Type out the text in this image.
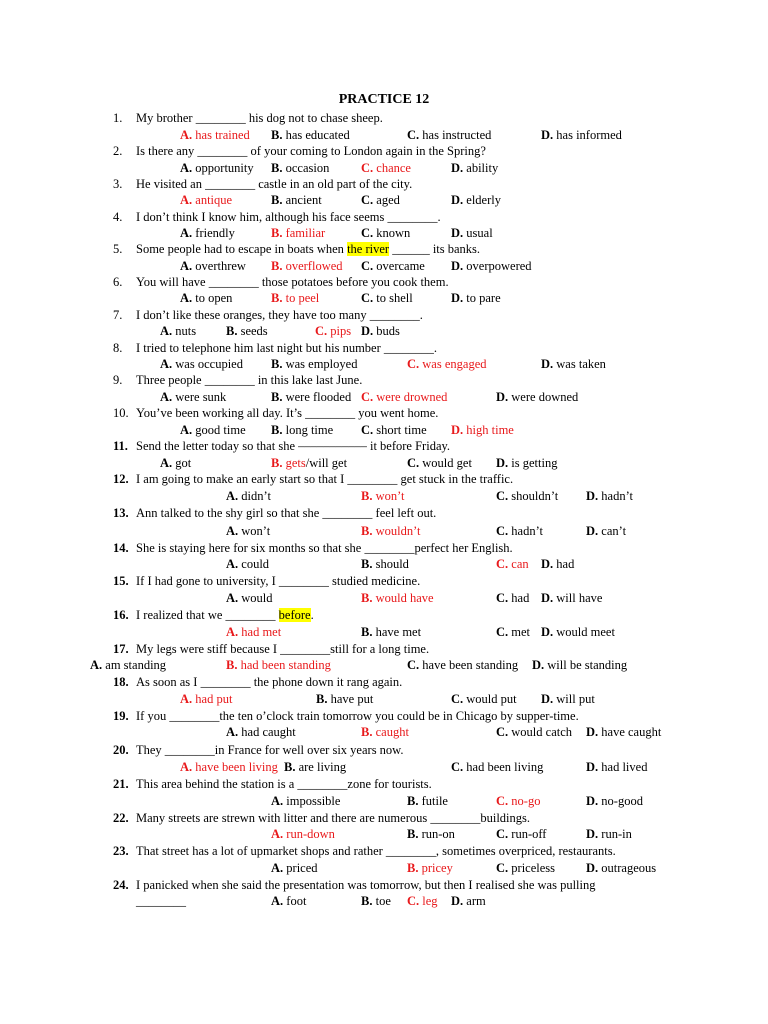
PRACTICE 12
1. My brother ________ his dog not to chase sheep.
A. has trained B. has educated	C. has instructed	D. has informed
2. Is there any ________ of your coming to London again in the Spring?
A. opportunity B. occasion	C. chance	D. ability
3. He visited an ________ castle in an old part of the city.
A. antique	B. ancient	C. aged	D. elderly
4. I don’t think I know him, although his face seems ________.
A. friendly	B. familiar	C. known	D. usual
5. Some people had to escape in boats when the river ______ its banks.
A. overthrew B. overflowed C. overcame D. overpowered
6. You will have ________ those potatoes before you cook them.
A. to open	B. to peel	C. to shell	D. to pare
7. I don’t like these oranges, they have too many ________.
A. nuts B. seeds	C. pips D. buds
8. I tried to telephone him last night but his number ________.
A. was occupied B. was employed	C. was engaged	D. was taken
9. Three people ________ in this lake last June.
A. were sunk	B. were flooded C. were drowned	D. were downed
10. You’ve been working all day. It’s ________ you went home.
A. good time B. long time C. short time D. high time
11. Send the letter today so that she ––––––––––– it before Friday.
A. got	B. gets/will get	C. would get D. is getting
12. I am going to make an early start so that I ________ get stuck in the traffic.
A. didn’t	B. won’t	C. shouldn’t D. hadn’t
13. Ann talked to the shy girl so that she ________ feel left out.
A. won’t	B. wouldn’t	C. hadn’t	D. can’t
14. She is staying here for six months so that she ________perfect her English.
A. could	B. should	C. can D. had
15. If I had gone to university, I ________ studied medicine.
A. would	B. would have	C. had D. will have
16. I realized that we ________ before.
A. had met	B. have met	C. met D. would meet
17. My legs were stiff because I ________still for a long time.
A. am standing	B. had been standing	C. have been standing D. will be standing
18. As soon as I ________ the phone down it rang again.
A. had put	B. have put	C. would put D. will put
19. If you ________the ten o’clock train tomorrow you could be in Chicago by supper-time.
A. had caught	B. caught	C. would catch D. have caught
20. They ________in France for well over six years now.
A. have been living B. are living	C. had been living	D. had lived
21. This area behind the station is a ________zone for tourists.
A. impossible	B. futile	C. no-go	D. no-good
22. Many streets are strewn with litter and there are numerous ________buildings.
A. run-down	B. run-on	C. run-off	D. run-in
23. That street has a lot of upmarket shops and rather ________, sometimes overpriced, restaurants.
A. priced	B. pricey	C. priceless D. outrageous
24. I panicked when she said the presentation was tomorrow, but then I realised she was pulling
________	A. foot	B. toe C. leg D. arm
